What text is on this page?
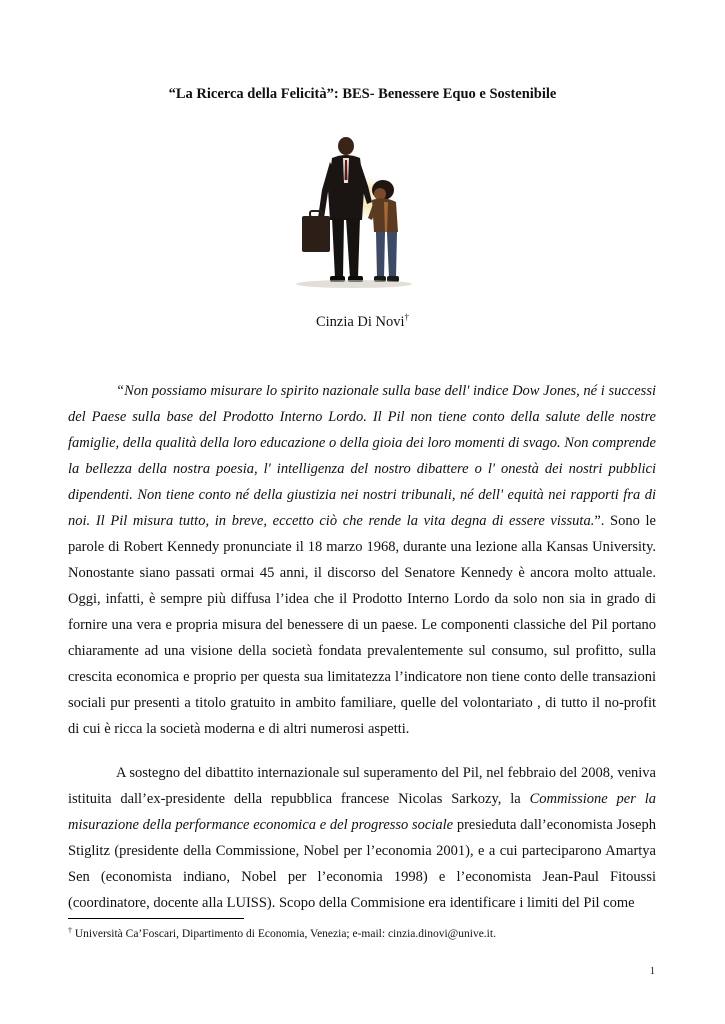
“La Ricerca della Felicità”: BES- Benessere Equo e Sostenibile
Cinzia Di Novi†

“Non possiamo misurare lo spirito nazionale sulla base dell' indice Dow Jones, né i successi del Paese sulla base del Prodotto Interno Lordo. Il Pil non tiene conto della salute delle nostre famiglie, della qualità della loro educazione o della gioia dei loro momenti di svago. Non comprende la bellezza della nostra poesia, l' intelligenza del nostro dibattere o l' onestà dei nostri pubblici dipendenti. Non tiene conto né della giustizia nei nostri tribunali, né dell' equità nei rapporti fra di noi. Il Pil misura tutto, in breve, eccetto ciò che rende la vita degna di essere vissuta.”. Sono le parole di Robert Kennedy pronunciate il 18 marzo 1968, durante una lezione alla Kansas University. Nonostante siano passati ormai 45 anni, il discorso del Senatore Kennedy è ancora molto attuale. Oggi, infatti, è sempre più diffusa l’idea che il Prodotto Interno Lordo da solo non sia in grado di fornire una vera e propria misura del benessere di un paese. Le componenti classiche del Pil portano chiaramente ad una visione della società fondata prevalentemente sul consumo, sul profitto, sulla crescita economica e proprio per questa sua limitatezza l’indicatore non tiene conto delle transazioni sociali pur presenti a titolo gratuito in ambito familiare, quelle del volontariato , di tutto il no-profit di cui è ricca la società moderna e di altri numerosi aspetti.

A sostegno del dibattito internazionale sul superamento del Pil, nel febbraio del 2008, veniva istituita dall’ex-presidente della repubblica francese Nicolas Sarkozy, la Commissione per la misurazione della performance economica e del progresso sociale presieduta dall’economista Joseph Stiglitz (presidente della Commissione, Nobel per l’economia 2001), e a cui parteciparono Amartya Sen (economista indiano, Nobel per l’economia 1998) e l’economista Jean-Paul Fitoussi (coordinatore, docente alla LUISS). Scopo della Commisione era identificare i limiti del Pil come

† Università Ca’Foscari, Dipartimento di Economia, Venezia; e-mail: cinzia.dinovi@unive.it.
1
